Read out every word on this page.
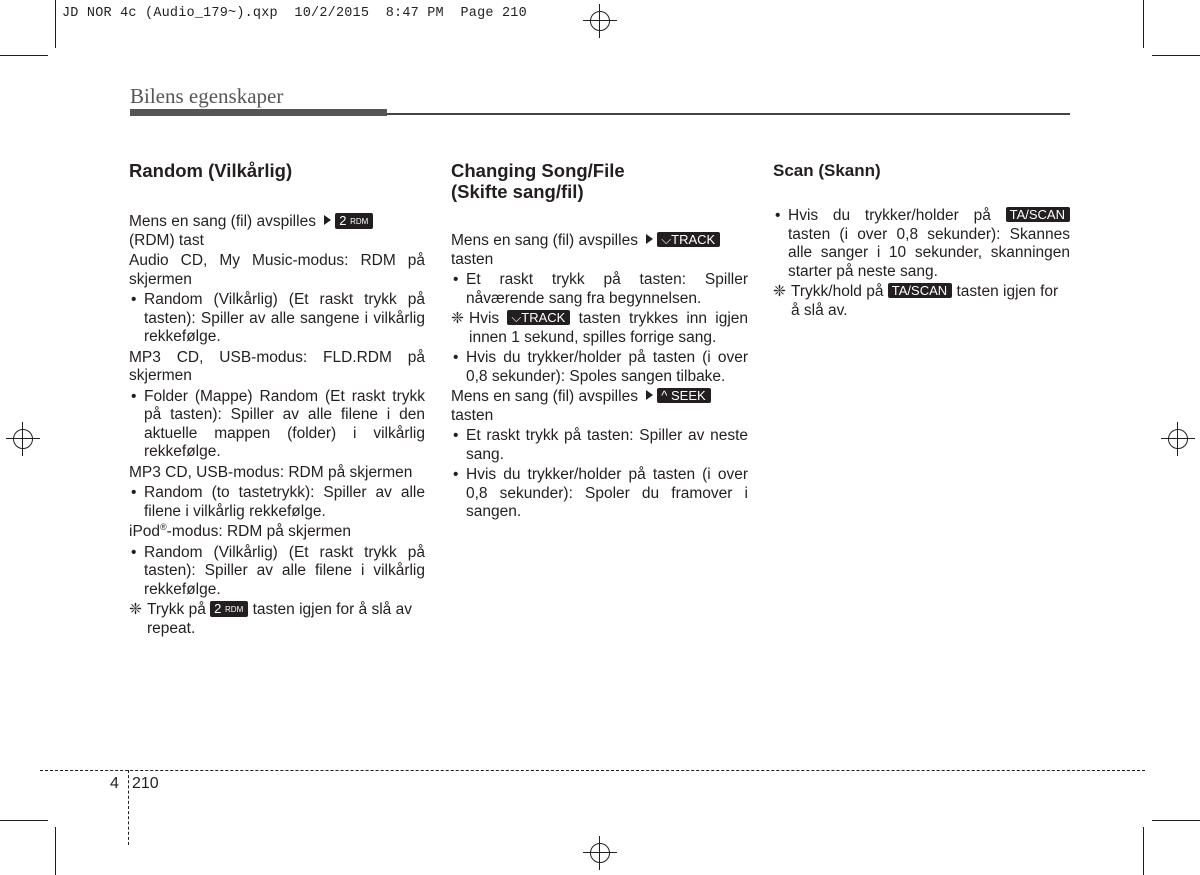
JD NOR 4c (Audio_179~).qxp  10/2/2015  8:47 PM  Page 210
Bilens egenskaper
Random (Vilkårlig)

Mens en sang (fil) avspilles 2 RDM
(RDM) tast

Audio CD, My Music-modus: RDM på skjermen

• Random (Vilkårlig) (Et raskt trykk på tasten): Spiller av alle sangene i vilkårlig rekkefølge.

MP3 CD, USB-modus: FLD.RDM på skjermen

• Folder (Mappe) Random (Et raskt trykk på tasten): Spiller av alle filene i den aktuelle mappen (folder) i vilkårlig rekkefølge.

MP3 CD, USB-modus: RDM på skjermen

• Random (to tastetrykk): Spiller av alle filene i vilkårlig rekkefølge.

iPod®-modus: RDM på skjermen

• Random (Vilkårlig) (Et raskt trykk på tasten): Spiller av alle filene i vilkårlig rekkefølge.
❈ Trykk på 2 RDM tasten igjen for å slå av repeat.
Changing Song/File
(Skifte sang/fil)

Mens en sang (fil) avspilles ⌵TRACK
tasten

• Et raskt trykk på tasten: Spiller nåværende sang fra begynnelsen.
❈ Hvis ⌵TRACK tasten trykkes inn igjen innen 1 sekund, spilles forrige sang.
• Hvis du trykker/holder på tasten (i over 0,8 sekunder): Spoles sangen tilbake.

Mens en sang (fil) avspilles ^ SEEK
tasten

• Et raskt trykk på tasten: Spiller av neste sang.
• Hvis du trykker/holder på tasten (i over 0,8 sekunder): Spoler du framover i sangen.
Scan (Skann)
• Hvis du trykker/holder på TA/SCAN tasten (i over 0,8 sekunder): Skannes alle sanger i 10 sekunder, skanningen starter på neste sang.
❈ Trykk/hold på TA/SCAN tasten igjen for å slå av.
4 210
